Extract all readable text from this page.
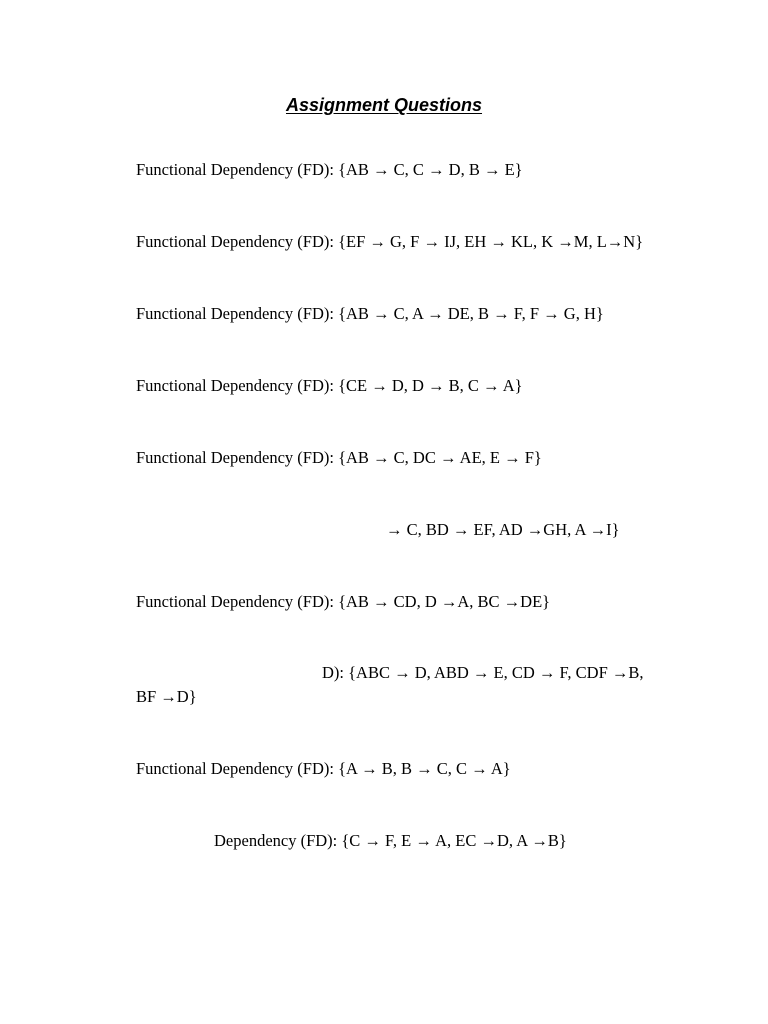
Assignment Questions
Functional Dependency (FD): {AB → C, C → D, B → E}
Functional Dependency (FD): {EF → G, F → IJ, EH → KL, K →M, L→N}
Functional Dependency (FD): {AB → C, A → DE, B → F, F → G, H}
Functional Dependency (FD): {CE → D, D → B, C → A}
Functional Dependency (FD): {AB → C, DC → AE, E → F}
→ C, BD → EF, AD →GH, A →I}
Functional Dependency (FD): {AB → CD, D →A, BC →DE}
D): {ABC → D, ABD → E, CD → F, CDF →B,
BF →D}
Functional Dependency (FD): {A → B, B → C, C → A}
Dependency (FD): {C → F, E → A, EC →D, A →B}
